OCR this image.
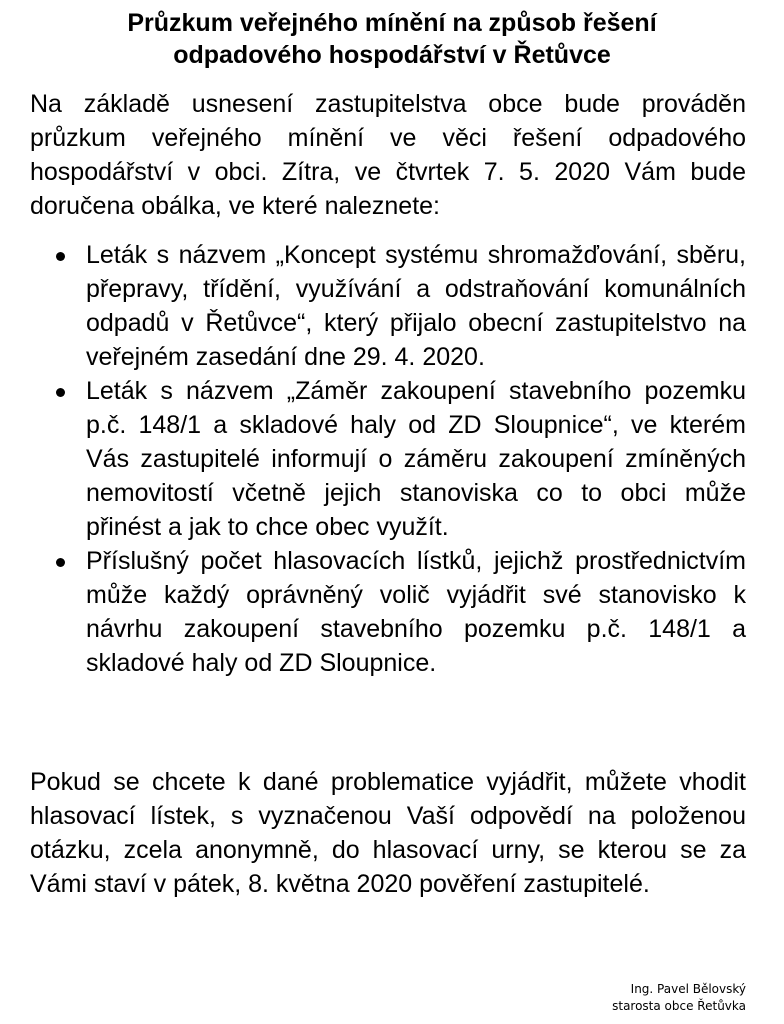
Průzkum veřejného mínění na způsob řešení
odpadového hospodářství v Řetůvce

Na základě usnesení zastupitelstva obce bude prováděn průzkum veřejného mínění ve věci řešení odpadového hospodářství v obci. Zítra, ve čtvrtek 7. 5. 2020 Vám bude doručena obálka, ve které naleznete:

Leták s názvem „Koncept systému shromažďování, sběru, přepravy, třídění, využívání a odstraňování komunálních odpadů v Řetůvce“, který přijalo obecní zastupitelstvo na veřejném zasedání dne 29. 4. 2020.
Leták s názvem „Záměr zakoupení stavebního pozemku p.č. 148/1 a skladové haly od ZD Sloupnice“, ve kterém Vás zastupitelé informují o záměru zakoupení zmíněných nemovitostí včetně jejich stanoviska co to obci může přinést a jak to chce obec využít.
Příslušný počet hlasovacích lístků, jejichž prostřednictvím může každý oprávněný volič vyjádřit své stanovisko k návrhu zakoupení stavebního pozemku p.č. 148/1 a skladové haly od ZD Sloupnice.

Pokud se chcete k dané problematice vyjádřit, můžete vhodit hlasovací lístek, s vyznačenou Vaší odpovědí na položenou otázku, zcela anonymně, do hlasovací urny, se kterou se za Vámi staví v pátek, 8. května 2020 pověření zastupitelé.

Ing. Pavel Bělovský
starosta obce Řetůvka
